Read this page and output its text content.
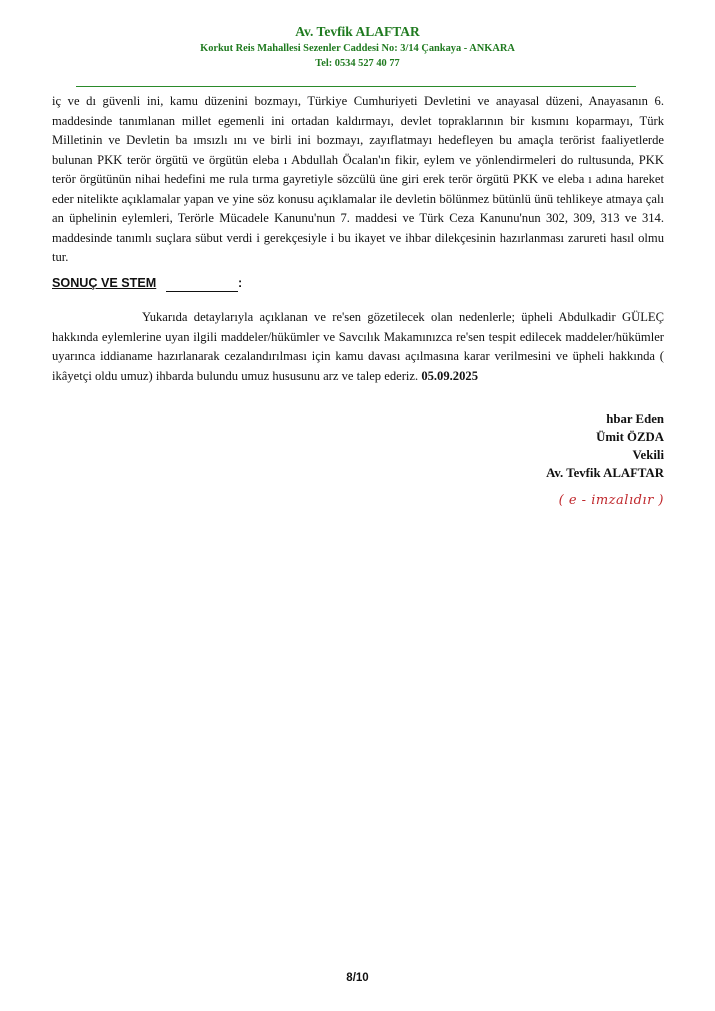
Av. Tevfik ALAFTAR
Korkut Reis Mahallesi Sezenler Caddesi No: 3/14 Çankaya - ANKARA
Tel: 0534 527 40 77
iç ve dı güvenli ini, kamu düzenini bozmayı, Türkiye Cumhuriyeti Devletini ve anayasal düzeni, Anayasanın 6. maddesinde tanımlanan millet egemenli ini ortadan kaldırmayı, devlet topraklarının bir kısmını koparmayı, Türk Milletinin ve Devletin ba ımsızlı ını ve birli ini bozmayı, zayıflatmayı hedefleyen bu amaçla terörist faaliyetlerde bulunan PKK terör örgütü ve örgütün eleba ı Abdullah Öcalan'ın fikir, eylem ve yönlendirmeleri do rultusunda, PKK terör örgütünün nihai hedefini me rula tırma gayretiyle sözcülü üne giri erek terör örgütü PKK ve eleba ı adına hareket eder nitelikte açıklamalar yapan ve yine söz konusu açıklamalar ile devletin bölünmez bütünlü ünü tehlikeye atmaya çalı an üphelinin eylemleri, Terörle Mücadele Kanunu'nun 7. maddesi ve Türk Ceza Kanunu'nun 302, 309, 313 ve 314. maddesinde tanımlı suçlara sübut verdi i gerekçesiyle i bu ikayet ve ihbar dilekçesinin hazırlanması zarureti hasıl olmu tur.
SONUÇ VE STEM	:
Yukarıda detaylarıyla açıklanan ve re'sen gözetilecek olan nedenlerle; üpheli Abdulkadir GÜLEÇ hakkında eylemlerine uyan ilgili maddeler/hükümler ve Savcılık Makamınızca re'sen tespit edilecek maddeler/hükümler uyarınca iddianame hazırlanarak cezalandırılması için kamu davası açılmasına karar verilmesini ve üpheli hakkında ( ikâyetçi oldu umuz) ihbarda bulundu umuz hususunu arz ve talep ederiz. 05.09.2025
hbar Eden
Ümit ÖZDA
Vekili
Av. Tevfik ALAFTAR
( e - imzalıdır )
8/10
